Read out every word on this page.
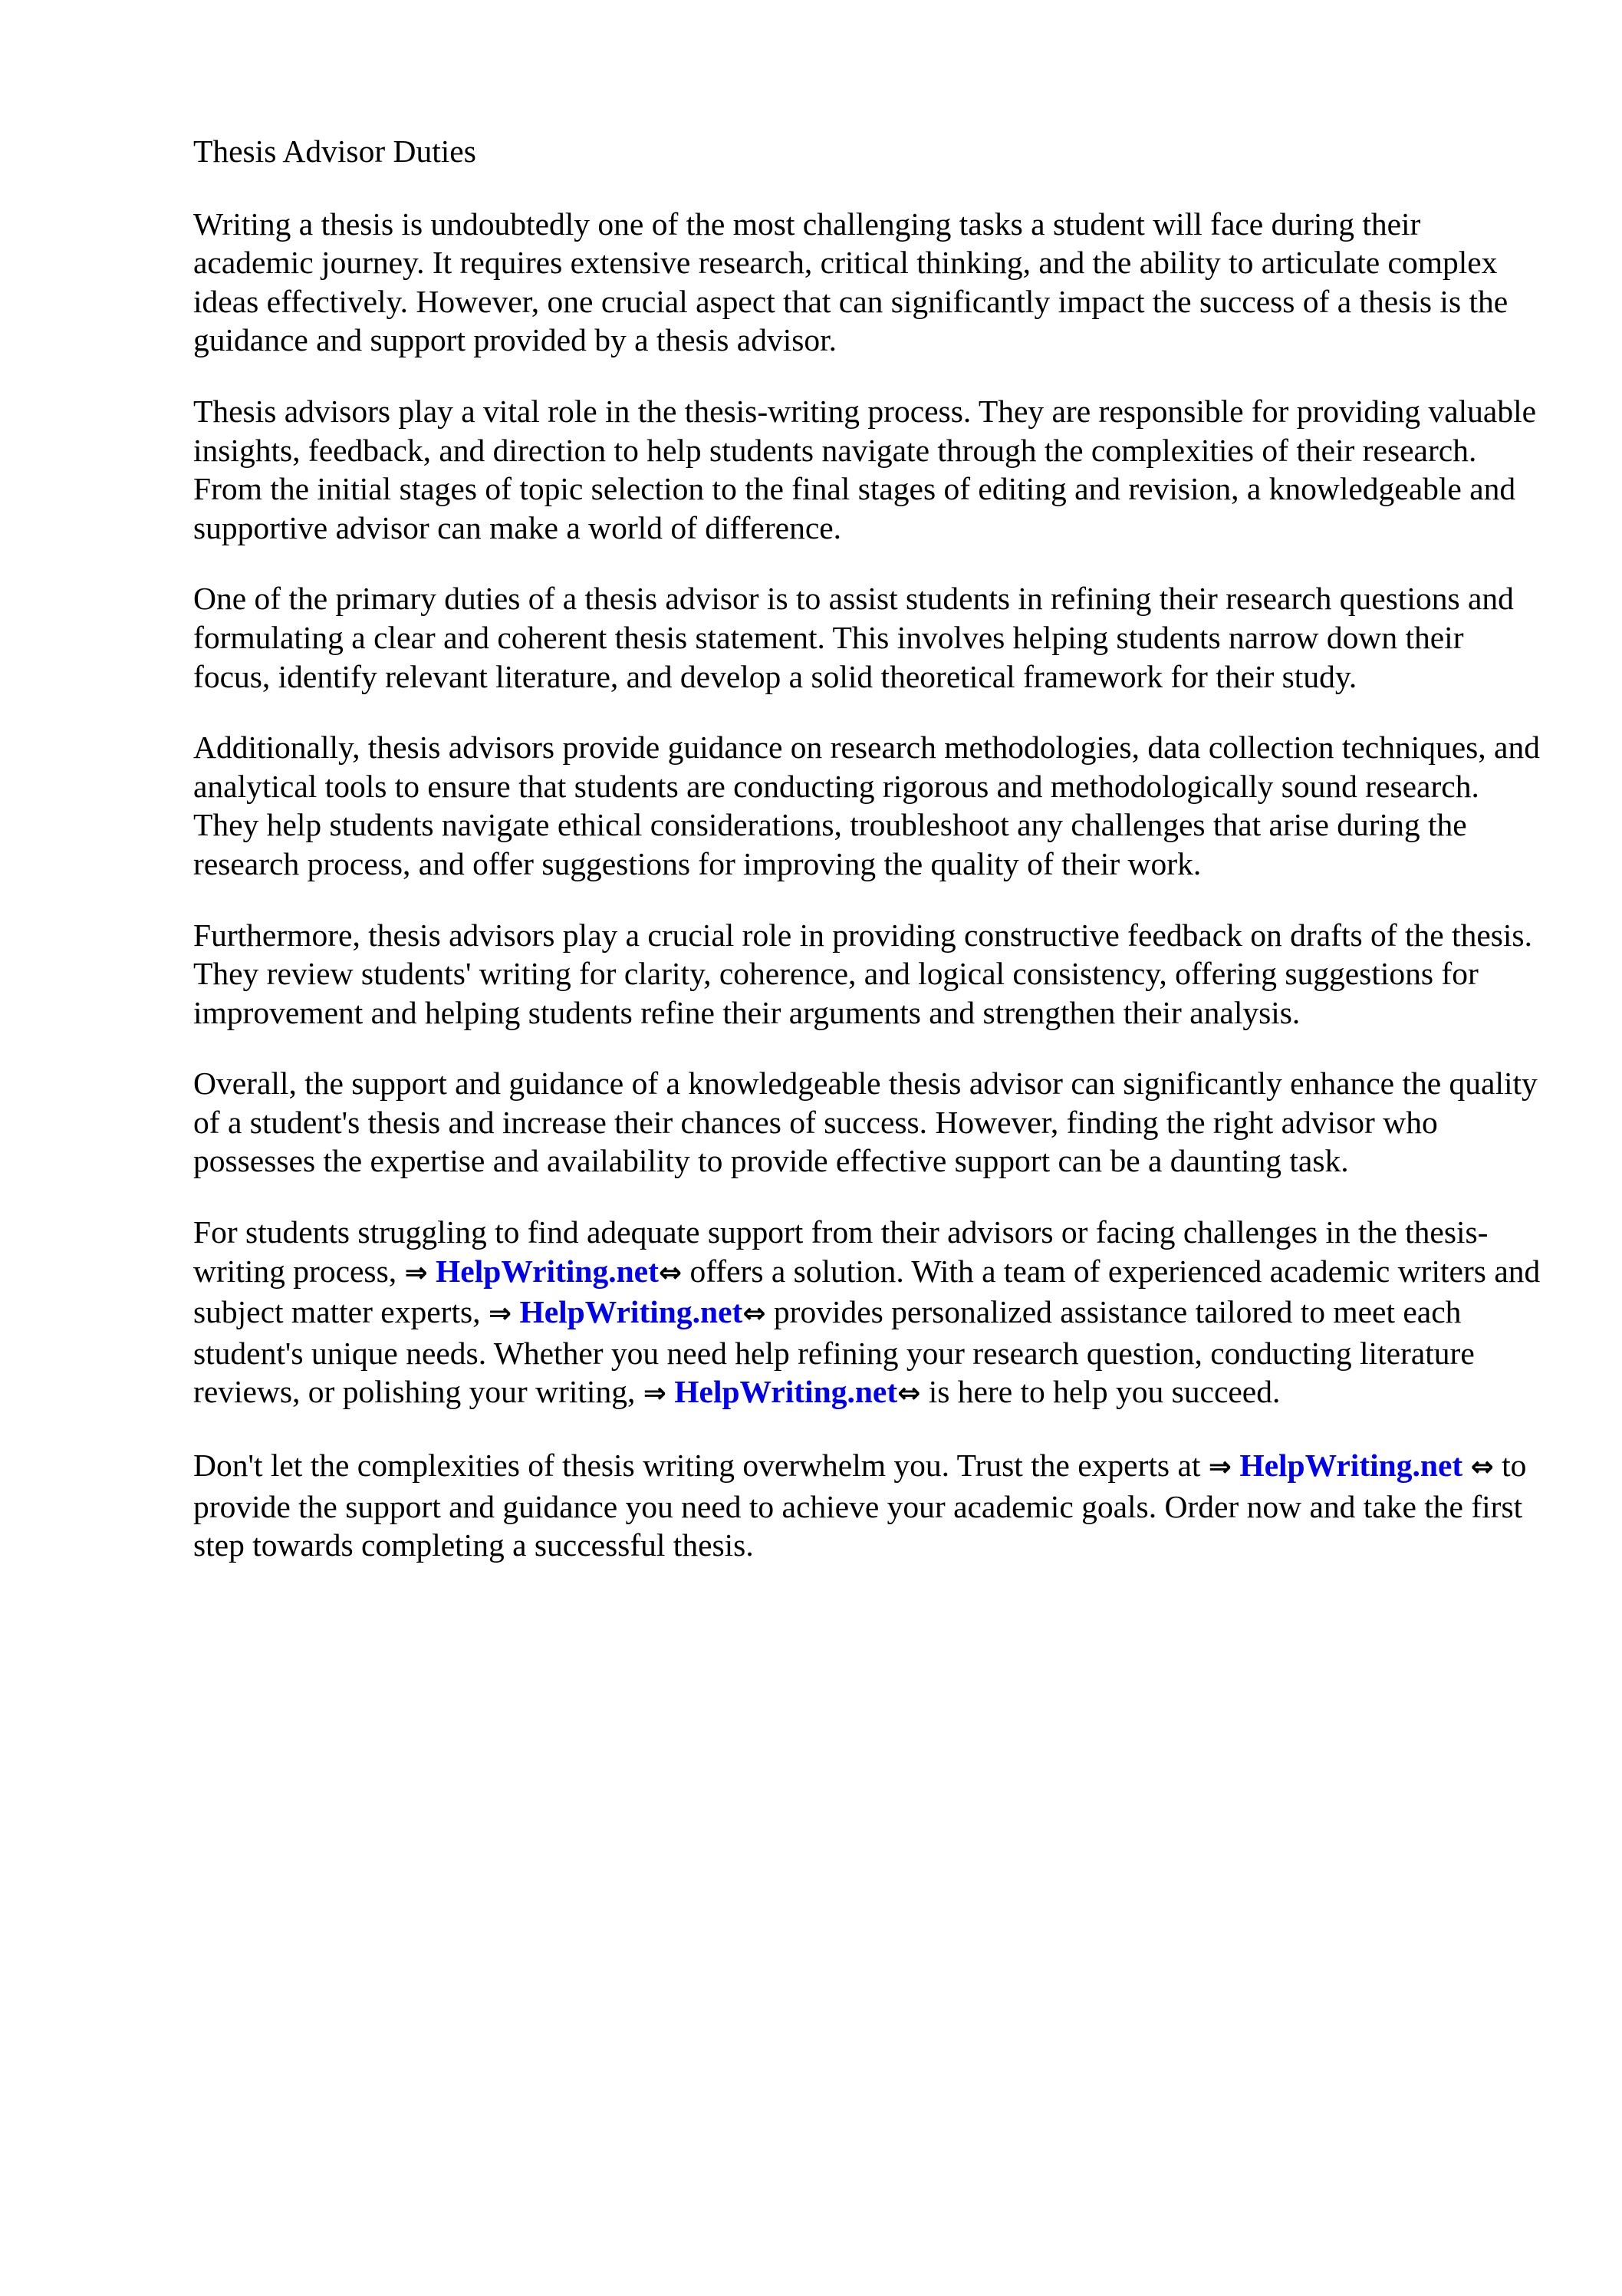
Thesis Advisor Duties

Writing a thesis is undoubtedly one of the most challenging tasks a student will face during their academic journey. It requires extensive research, critical thinking, and the ability to articulate complex ideas effectively. However, one crucial aspect that can significantly impact the success of a thesis is the guidance and support provided by a thesis advisor.

Thesis advisors play a vital role in the thesis-writing process. They are responsible for providing valuable insights, feedback, and direction to help students navigate through the complexities of their research. From the initial stages of topic selection to the final stages of editing and revision, a knowledgeable and supportive advisor can make a world of difference.

One of the primary duties of a thesis advisor is to assist students in refining their research questions and formulating a clear and coherent thesis statement. This involves helping students narrow down their focus, identify relevant literature, and develop a solid theoretical framework for their study.

Additionally, thesis advisors provide guidance on research methodologies, data collection techniques, and analytical tools to ensure that students are conducting rigorous and methodologically sound research. They help students navigate ethical considerations, troubleshoot any challenges that arise during the research process, and offer suggestions for improving the quality of their work.

Furthermore, thesis advisors play a crucial role in providing constructive feedback on drafts of the thesis. They review students' writing for clarity, coherence, and logical consistency, offering suggestions for improvement and helping students refine their arguments and strengthen their analysis.

Overall, the support and guidance of a knowledgeable thesis advisor can significantly enhance the quality of a student's thesis and increase their chances of success. However, finding the right advisor who possesses the expertise and availability to provide effective support can be a daunting task.

For students struggling to find adequate support from their advisors or facing challenges in the thesis-writing process, ⇒ HelpWriting.net⇔ offers a solution. With a team of experienced academic writers and subject matter experts, ⇒ HelpWriting.net⇔ provides personalized assistance tailored to meet each student's unique needs. Whether you need help refining your research question, conducting literature reviews, or polishing your writing, ⇒ HelpWriting.net⇔ is here to help you succeed.

Don't let the complexities of thesis writing overwhelm you. Trust the experts at ⇒ HelpWriting.net ⇔ to provide the support and guidance you need to achieve your academic goals. Order now and take the first step towards completing a successful thesis.
